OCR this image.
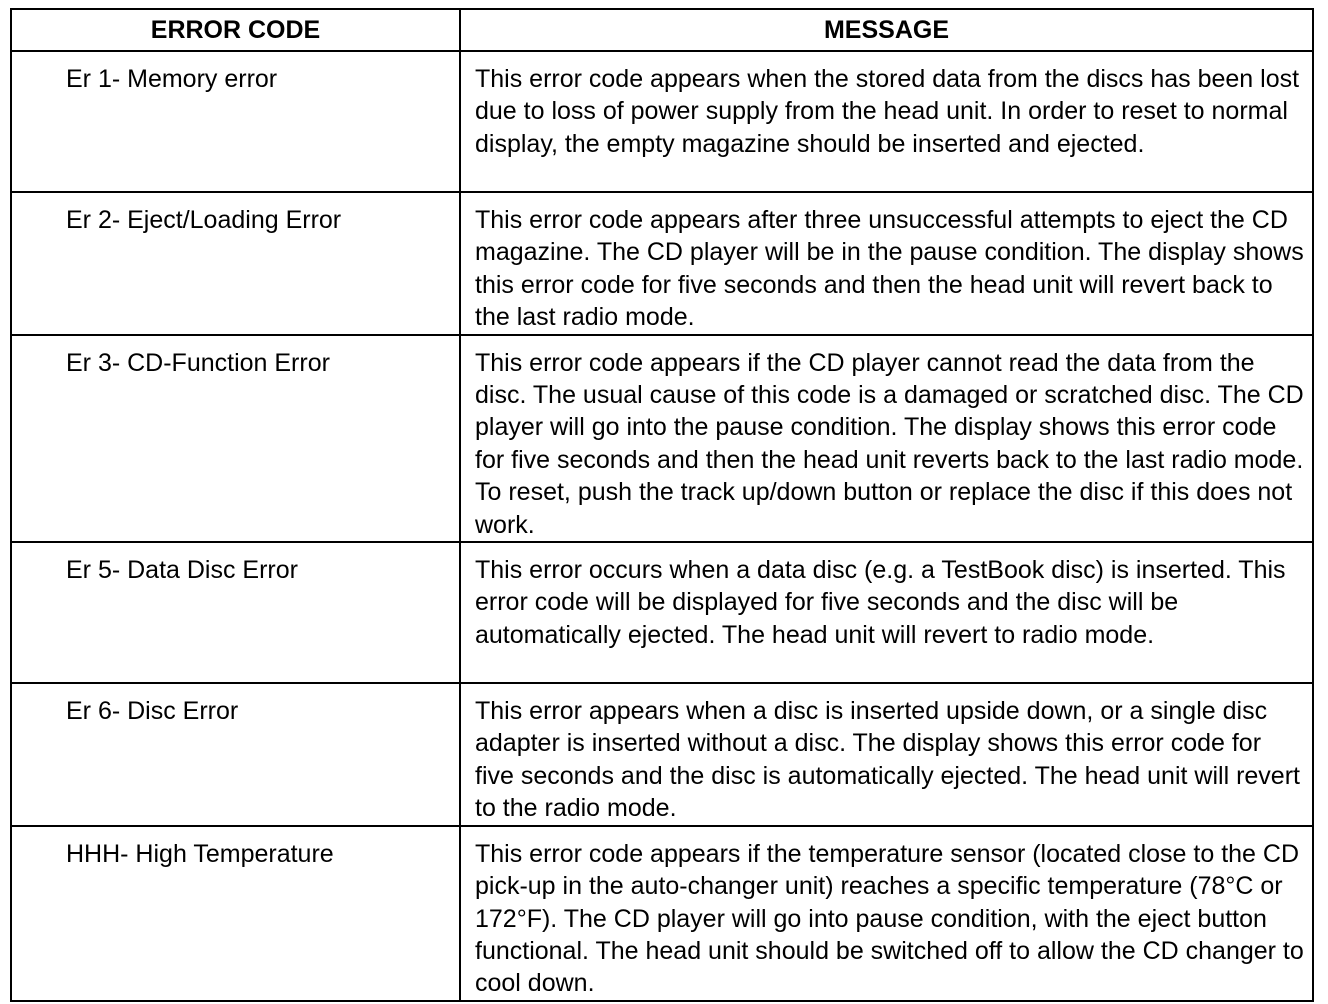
ERROR CODE	MESSAGE

Er 1- Memory error	This error code appears when the stored data from the discs has been lost due to loss of power supply from the head unit. In order to reset to normal display, the empty magazine should be inserted and ejected.

Er 2- Eject/Loading Error	This error code appears after three unsuccessful attempts to eject the CD magazine. The CD player will be in the pause condition. The display shows this error code for five seconds and then the head unit will revert back to the last radio mode.

Er 3- CD-Function Error	This error code appears if the CD player cannot read the data from the disc. The usual cause of this code is a damaged or scratched disc. The CD player will go into the pause condition. The display shows this error code for five seconds and then the head unit reverts back to the last radio mode. To reset, push the track up/down button or replace the disc if this does not work.

Er 5- Data Disc Error	This error occurs when a data disc (e.g. a TestBook disc) is inserted. This error code will be displayed for five seconds and the disc will be automatically ejected. The head unit will revert to radio mode.

Er 6- Disc Error	This error appears when a disc is inserted upside down, or a single disc adapter is inserted without a disc. The display shows this error code for five seconds and the disc is automatically ejected. The head unit will revert to the radio mode.

HHH- High Temperature	This error code appears if the temperature sensor (located close to the CD pick-up in the auto-changer unit) reaches a specific temperature (78°C or 172°F). The CD player will go into pause condition, with the eject button functional. The head unit should be switched off to allow the CD changer to cool down.
